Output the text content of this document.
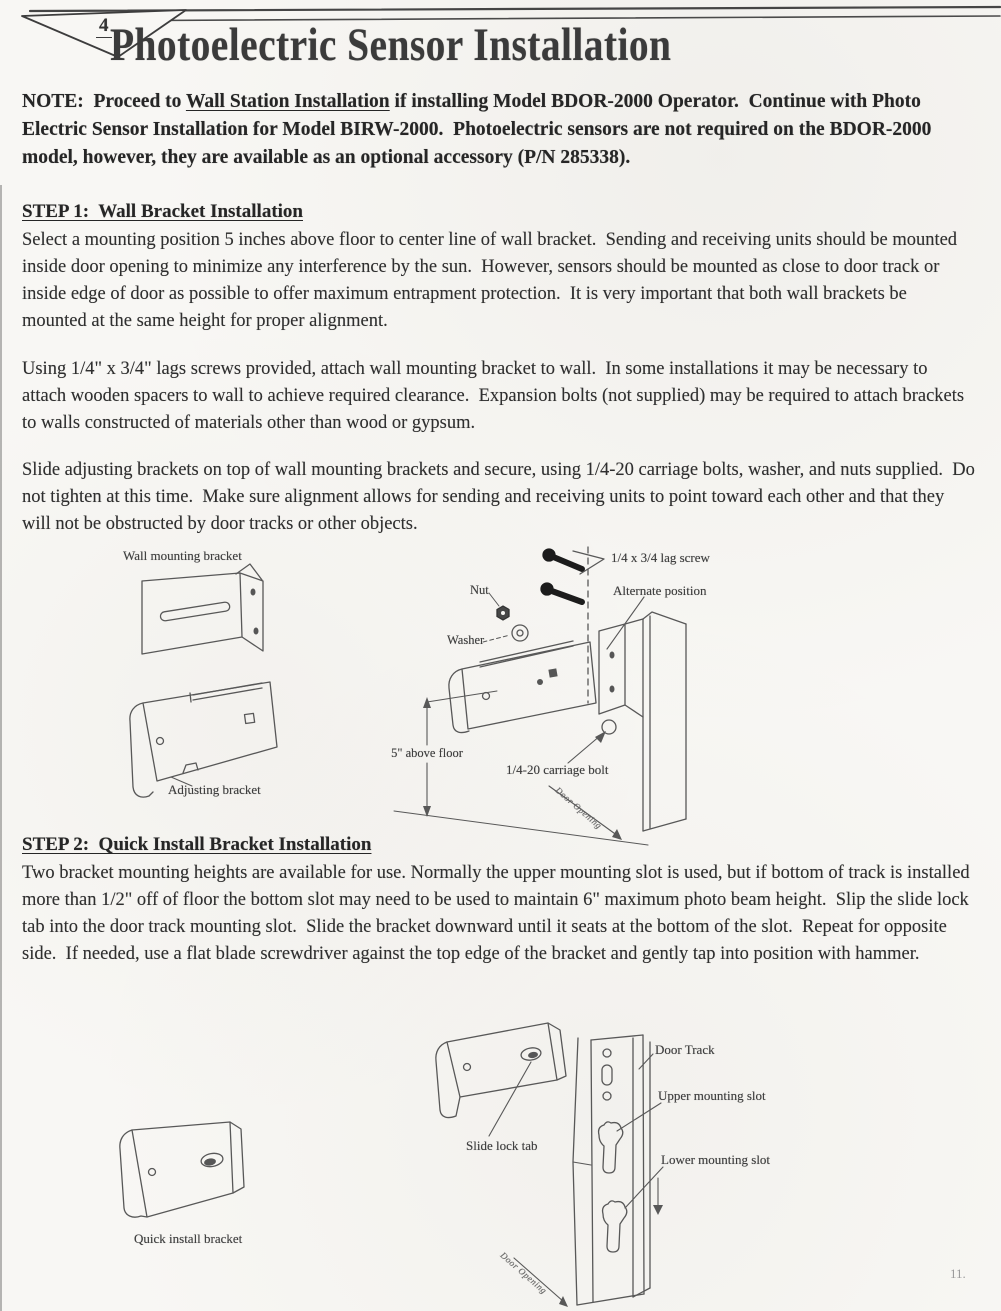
4 Photoelectric Sensor Installation

NOTE:  Proceed to Wall Station Installation if installing Model BDOR-2000 Operator.  Continue with Photo Electric Sensor Installation for Model BIRW-2000.  Photoelectric sensors are not required on the BDOR-2000 model, however, they are available as an optional accessory (P/N 285338).

STEP 1:  Wall Bracket Installation

Select a mounting position 5 inches above floor to center line of wall bracket.  Sending and receiving units should be mounted inside door opening to minimize any interference by the sun.  However, sensors should be mounted as close to door track or inside edge of door as possible to offer maximum entrapment protection.  It is very important that both wall brackets be mounted at the same height for proper alignment.

Using 1/4" x 3/4" lags screws provided, attach wall mounting bracket to wall.  In some installations it may be necessary to attach wooden spacers to wall to achieve required clearance.  Expansion bolts (not supplied) may be required to attach brackets to walls constructed of materials other than wood or gypsum.

Slide adjusting brackets on top of wall mounting brackets and secure, using 1/4-20 carriage bolts, washer, and nuts supplied.  Do not tighten at this time.  Make sure alignment allows for sending and receiving units to point toward each other and that they will not be obstructed by door tracks or other objects.

Wall mounting bracket
Adjusting bracket
Nut
Washer
1/4 x 3/4 lag screw
Alternate position
5" above floor
1/4-20 carriage bolt
Door Opening
STEP 2:  Quick Install Bracket Installation

Two bracket mounting heights are available for use. Normally the upper mounting slot is used, but if bottom of track is installed more than 1/2" off of floor the bottom slot may need to be used to maintain 6" maximum photo beam height.  Slip the slide lock tab into the door track mounting slot.  Slide the bracket downward until it seats at the bottom of the slot.  Repeat for opposite side.  If needed, use a flat blade screwdriver against the top edge of the bracket and gently tap into position with hammer.

Slide lock tab
Quick install bracket
Door Track
Upper mounting slot
Lower mounting slot
Door Opening	11.
